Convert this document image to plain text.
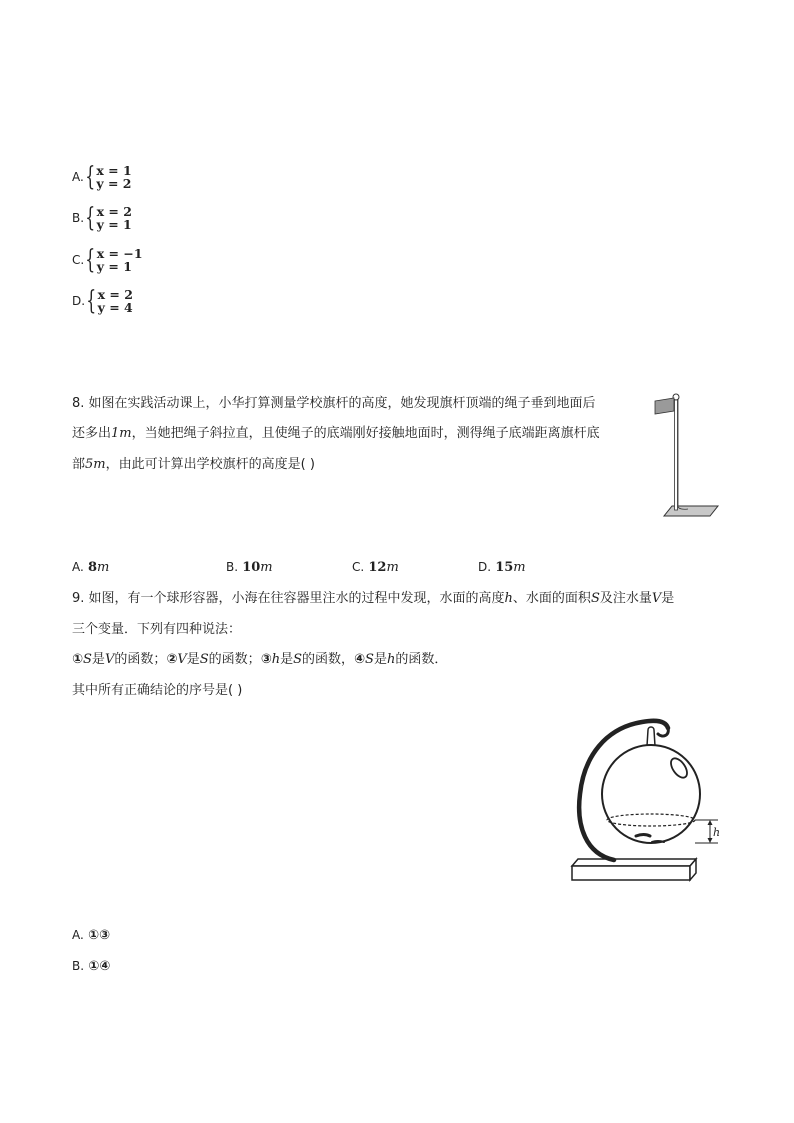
A. { x = 1
y = 2
B. { x = 2
y = 1
C. { x = −1
y = 1
D. { x = 2
y = 4
8. 如图在实践活动课上，小华打算测量学校旗杆的高度，她发现旗杆顶端的绳子垂到地面后
还多出1m，当她把绳子斜拉直，且使绳子的底端刚好接触地面时，测得绳子底端距离旗杆底
部5m，由此可计算出学校旗杆的高度是( )
A. 8m	B. 10m	C. 12m	D. 15m
9. 如图，有一个球形容器，小海在往容器里注水的过程中发现，水面的高度h、水面的面积S及注水量V是
三个变量．下列有四种说法：
①S是V的函数；②V是S的函数；③h是S的函数，④S是h的函数．
其中所有正确结论的序号是( )
h
A. ①③
B. ①④
